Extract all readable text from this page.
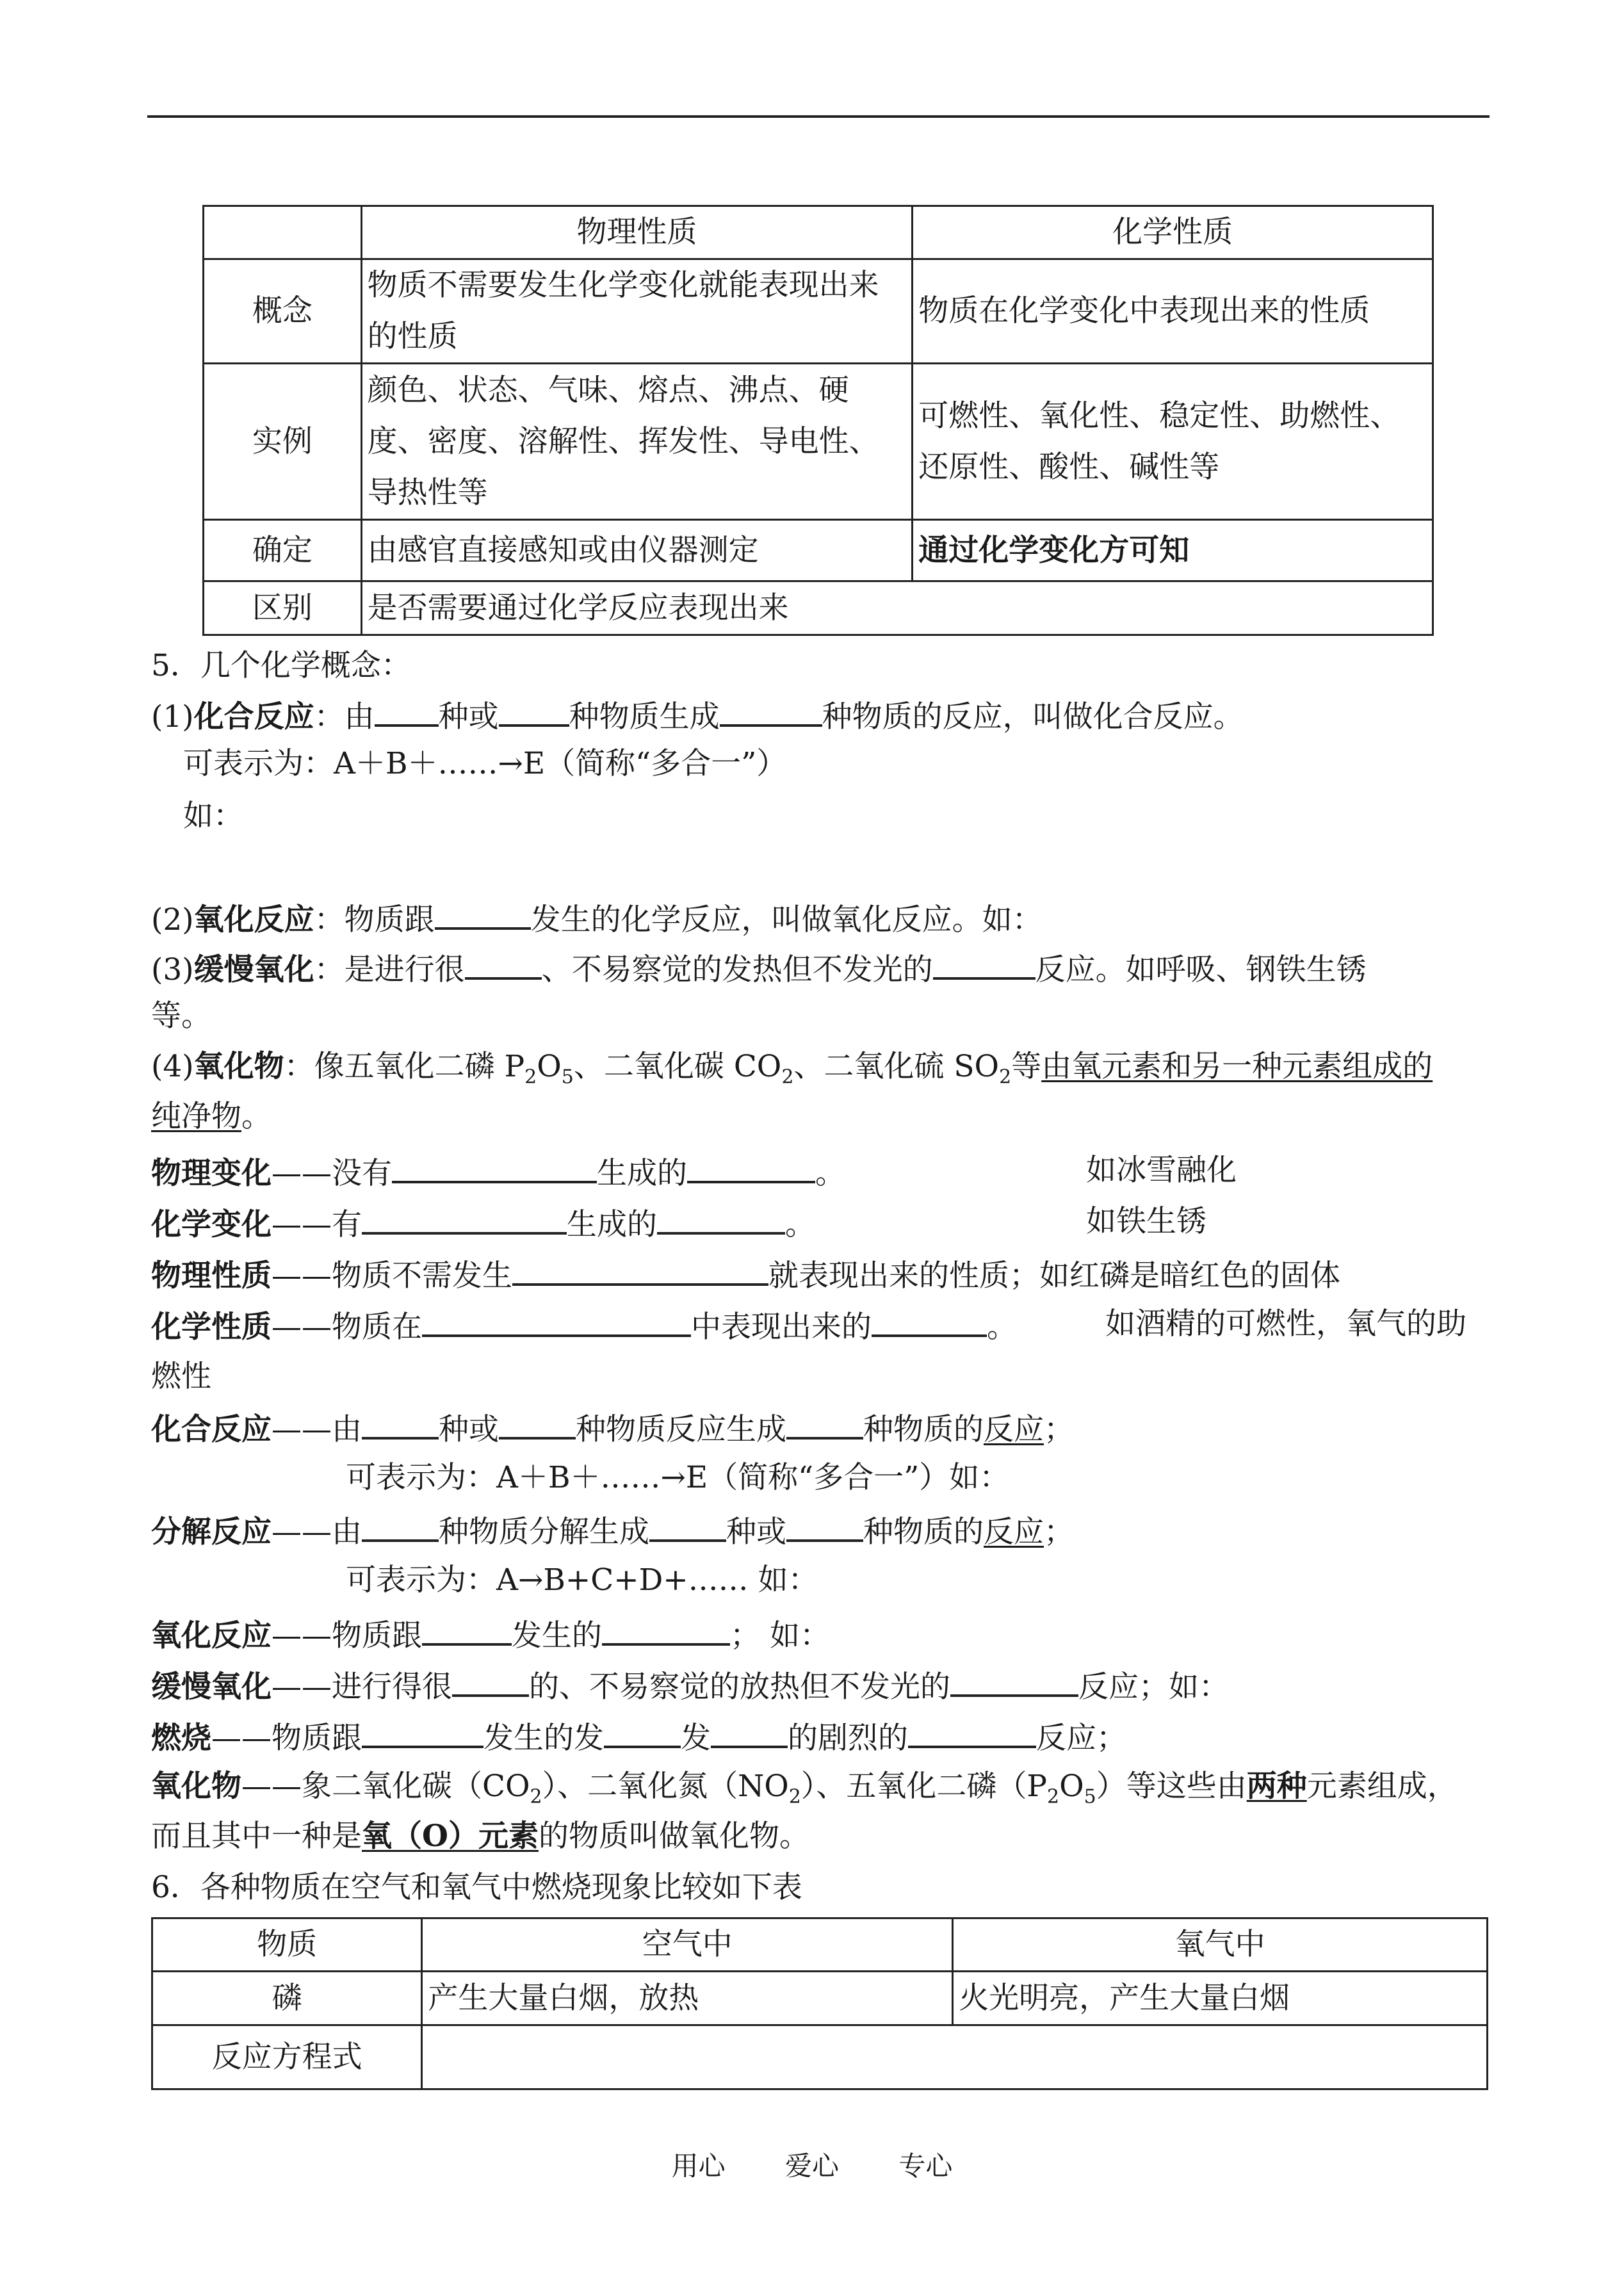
	物理性质	化学性质
概念	物质不需要发生化学变化就能表现出来的性质	物质在化学变化中表现出来的性质
实例	颜色、状态、气味、熔点、沸点、硬度、密度、溶解性、挥发性、导电性、导热性等	可燃性、氧化性、稳定性、助燃性、还原性、酸性、碱性等
确定	由感官直接感知或由仪器测定	通过化学变化方可知
区别	是否需要通过化学反应表现出来	
5．几个化学概念：
(1)化合反应：由 种或 种物质生成	种物质的反应，叫做化合反应。
可表示为：A＋B＋……→E（简称“多合一”）
如：
(2)氧化反应：物质跟	发生的化学反应，叫做氧化反应。如：
(3)缓慢氧化：是进行很	、不易察觉的发热但不发光的	反应。如呼吸、钢铁生锈
等。
(4)氧化物：像五氧化二磷 $P_2O_5$、二氧化碳 $CO_2$、二氧化硫 $SO_2$等由氧元素和另一种元素组成的
纯净物。
物理变化——没有	生成的	。	如冰雪融化
化学变化——有	生成的	。	如铁生锈
物理性质——物质不需发生	就表现出来的性质；如红磷是暗红色的固体
化学性质——物质在	中表现出来的	。	如酒精的可燃性，氧气的助
燃性
化合反应——由	种或	种物质反应生成	种物质的反应；
可表示为：A＋B＋……→E（简称“多合一”）如：
分解反应——由	种物质分解生成	种或	种物质的反应；
可表示为：A→B+C+D+…… 如：
氧化反应——物质跟	发生的	； 如：
缓慢氧化——进行得很	的、不易察觉的放热但不发光的	反应；如：
燃烧——物质跟	发生的发	发	的剧烈的	反应；
氧化物——象二氧化碳$(CO_2)$、二氧化氮$(NO_2)$、五氧化二磷$(P_2O_5)$等这些由两种元素组成，
而且其中一种是氧（O）元素的物质叫做氧化物。
6．各种物质在空气和氧气中燃烧现象比较如下表
物质	空气中	氧气中
磷	产生大量白烟，放热	火光明亮，产生大量白烟
反应方程式		
用心 爱心 专心
